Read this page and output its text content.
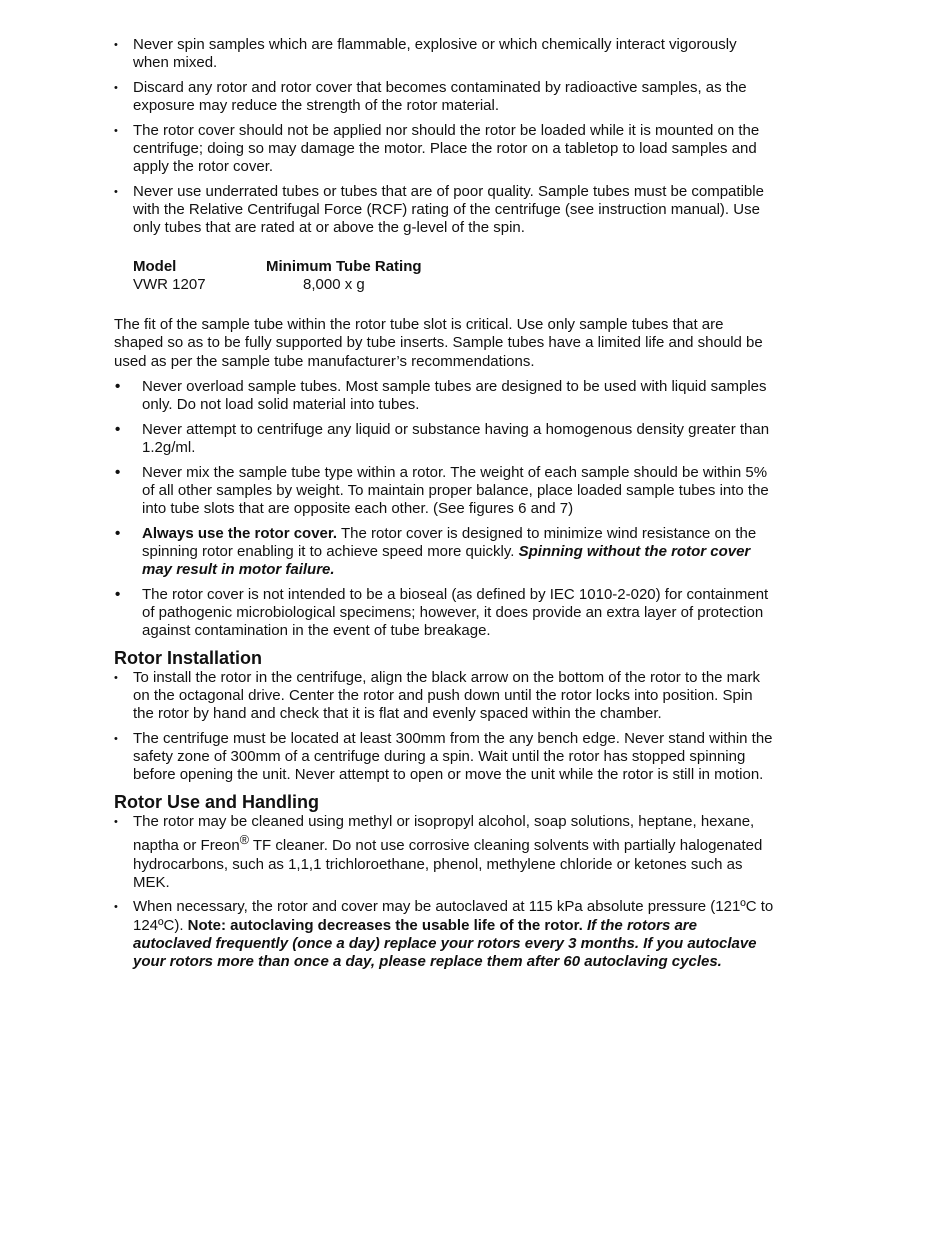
• Never spin samples which are flammable, explosive or which chemically interact vigorously when mixed.
• Discard any rotor and rotor cover that becomes contaminated by radioactive samples, as the exposure may reduce the strength of the rotor material.
• The rotor cover should not be applied nor should the rotor be loaded while it is mounted on the centrifuge; doing so may damage the motor. Place the rotor on a tabletop to load samples and apply the rotor cover.
• Never use underrated tubes or tubes that are of poor quality. Sample tubes must be compatible with the Relative Centrifugal Force (RCF) rating of the centrifuge (see instruction manual). Use only tubes that are rated at or above the g-level of the spin.
Model	Minimum Tube Rating
VWR 1207	8,000 x g

The fit of the sample tube within the rotor tube slot is critical. Use only sample tubes that are shaped so as to be fully supported by tube inserts. Sample tubes have a limited life and should be used as per the sample tube manufacturer’s recommendations.

• Never overload sample tubes. Most sample tubes are designed to be used with liquid samples only. Do not load solid material into tubes.
• Never attempt to centrifuge any liquid or substance having a homogenous density greater than 1.2g/ml.
• Never mix the sample tube type within a rotor. The weight of each sample should be within 5% of all other samples by weight. To maintain proper balance, place loaded sample tubes into the into tube slots that are opposite each other. (See figures 6 and 7)
• Always use the rotor cover. The rotor cover is designed to minimize wind resistance on the spinning rotor enabling it to achieve speed more quickly. Spinning without the rotor cover may result in motor failure.
• The rotor cover is not intended to be a bioseal (as defined by IEC 1010-2-020) for containment of pathogenic microbiological specimens; however, it does provide an extra layer of protection against contamination in the event of tube breakage.
Rotor Installation
• To install the rotor in the centrifuge, align the black arrow on the bottom of the rotor to the mark on the octagonal drive. Center the rotor and push down until the rotor locks into position. Spin the rotor by hand and check that it is flat and evenly spaced within the chamber.
• The centrifuge must be located at least 300mm from the any bench edge. Never stand within the safety zone of 300mm of a centrifuge during a spin. Wait until the rotor has stopped spinning before opening the unit. Never attempt to open or move the unit while the rotor is still in motion.
Rotor Use and Handling
• The rotor may be cleaned using methyl or isopropyl alcohol, soap solutions, heptane, hexane, naptha or Freon® TF cleaner. Do not use corrosive cleaning solvents with partially halogenated hydrocarbons, such as 1,1,1 trichloroethane, phenol, methylene chloride or ketones such as MEK.
• When necessary, the rotor and cover may be autoclaved at 115 kPa absolute pressure (121ºC to 124ºC). Note: autoclaving decreases the usable life of the rotor. If the rotors are autoclaved frequently (once a day) replace your rotors every 3 months. If you autoclave your rotors more than once a day, please replace them after 60 autoclaving cycles.
